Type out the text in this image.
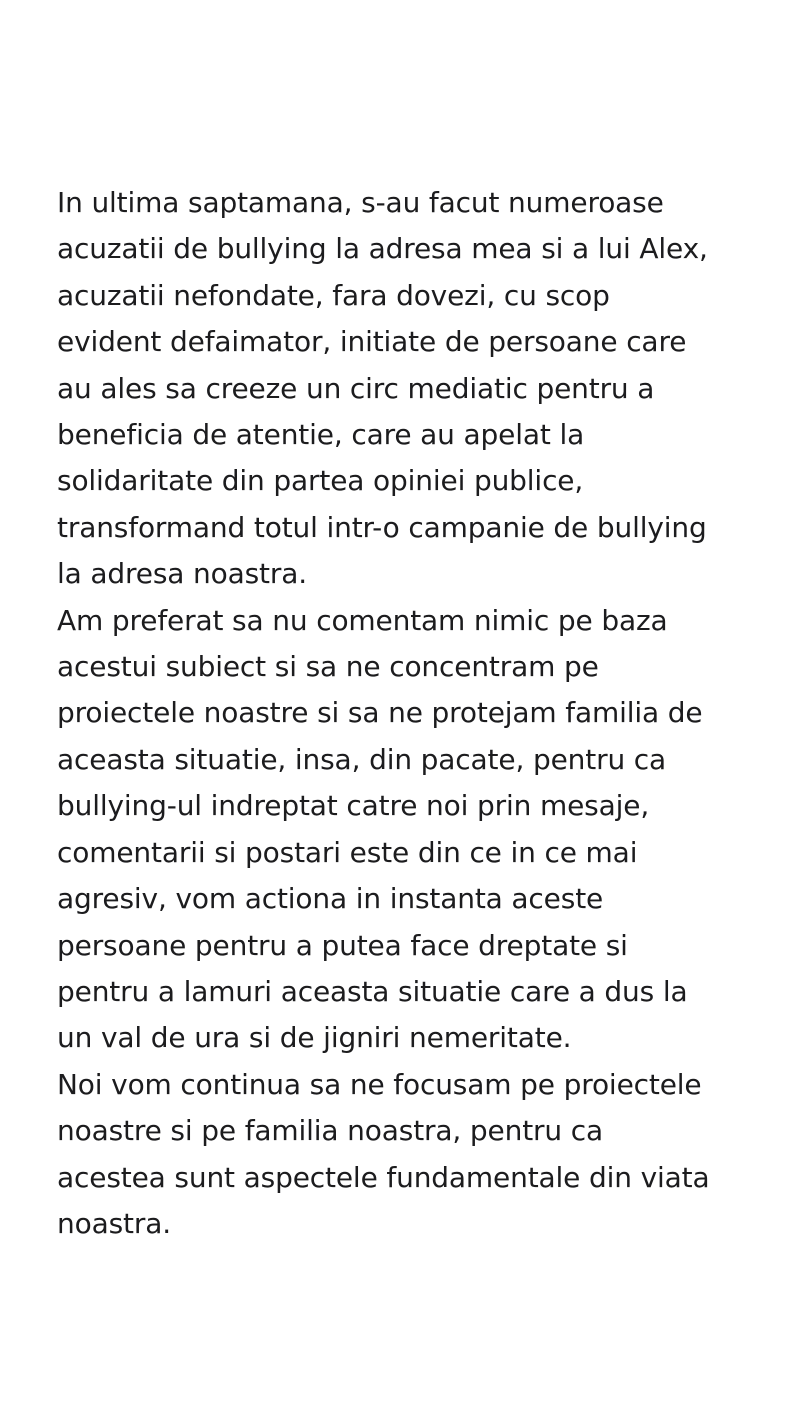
In ultima saptamana, s-au facut numeroase
acuzatii de bullying la adresa mea si a lui Alex,
acuzatii nefondate, fara dovezi, cu scop
evident defaimator, initiate de persoane care
au ales sa creeze un circ mediatic pentru a
beneficia de atentie, care au apelat la
solidaritate din partea opiniei publice,
transformand totul intr-o campanie de bullying
la adresa noastra.
Am preferat sa nu comentam nimic pe baza
acestui subiect si sa ne concentram pe
proiectele noastre si sa ne protejam familia de
aceasta situatie, insa, din pacate, pentru ca
bullying-ul indreptat catre noi prin mesaje,
comentarii si postari este din ce in ce mai
agresiv, vom actiona in instanta aceste
persoane pentru a putea face dreptate si
pentru a lamuri aceasta situatie care a dus la
un val de ura si de jigniri nemeritate.
Noi vom continua sa ne focusam pe proiectele
noastre si pe familia noastra, pentru ca
acestea sunt aspectele fundamentale din viata
noastra.
